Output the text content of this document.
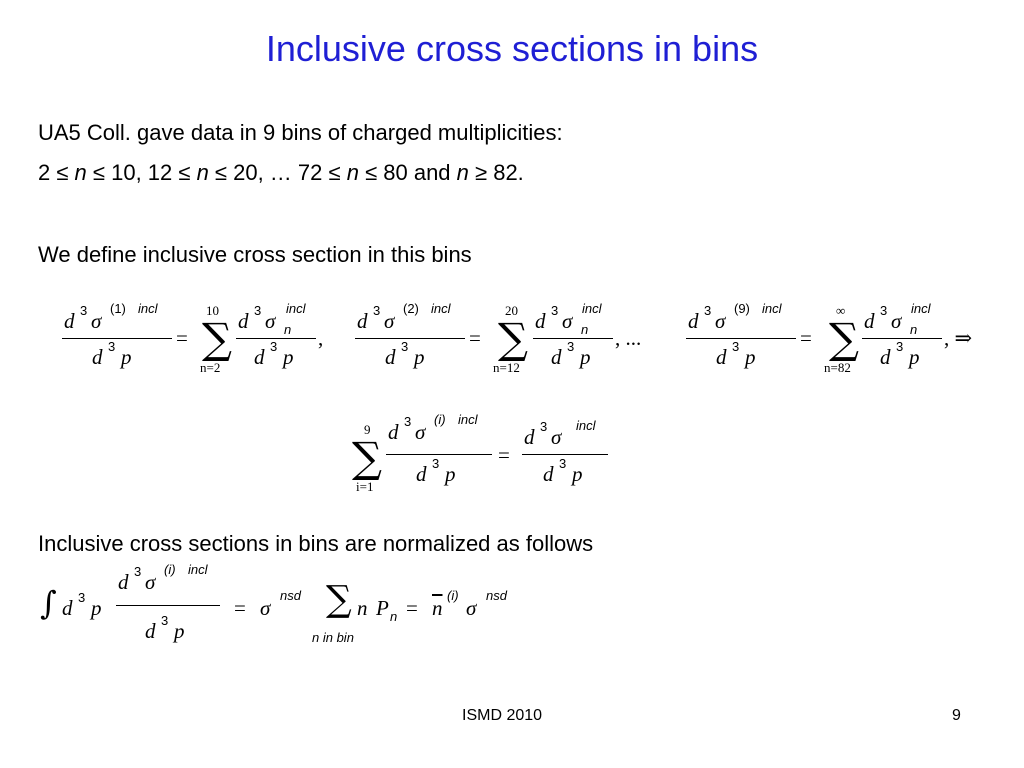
Inclusive cross sections in bins
UA5 Coll. gave data in 9 bins of charged multiplicities:
2 ≤ n ≤ 10, 12 ≤ n ≤ 20, … 72 ≤ n ≤ 80 and n ≥ 82.
We define inclusive cross section in this bins
d 3 σ
(1) incl
d 3 p
=
10
∑
n=2
d 3 σ
incl
n
d 3 p
,
d 3 σ
(2) incl
d 3 p
=
20
∑
n=12
d 3 σ
incl
n
d 3 p
, ...
d 3 σ
(9) incl
d 3 p
=
∞
∑
n=82
d 3 σ
incl
n
d 3 p
, ⇒
9
∑
i=1
d 3 σ
(i) incl
d 3 p
=
d 3 σ incl
d 3 p
Inclusive cross sections in bins are normalized as follows
∫ d 3 p
d 3 σ
(i) incl
d 3 p
= σ
nsd ∑
n in bin
n P $n = \overline{n}$
(i)
σ
nsd
ISMD 2010	9
